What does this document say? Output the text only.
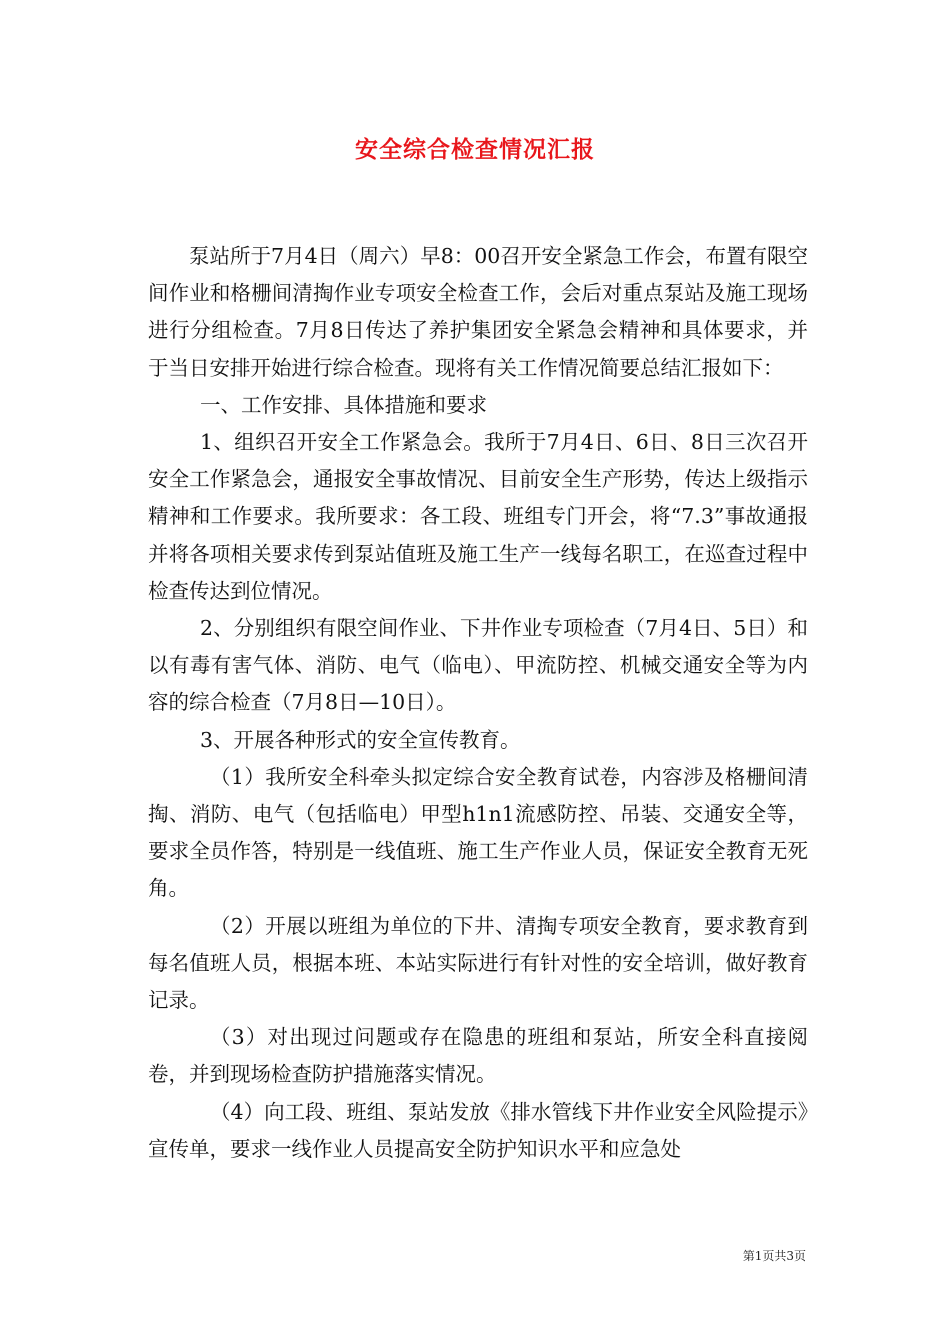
安全综合检查情况汇报

泵站所于7月4日（周六）早8：00召开安全紧急工作会，布置有限空间作业和格栅间清掏作业专项安全检查工作，会后对重点泵站及施工现场进行分组检查。7月8日传达了养护集团安全紧急会精神和具体要求，并于当日安排开始进行综合检查。现将有关工作情况简要总结汇报如下：

一、工作安排、具体措施和要求

1、组织召开安全工作紧急会。我所于7月4日、6日、8日三次召开安全工作紧急会，通报安全事故情况、目前安全生产形势，传达上级指示精神和工作要求。我所要求：各工段、班组专门开会，将“7.3”事故通报并将各项相关要求传到泵站值班及施工生产一线每名职工，在巡查过程中检查传达到位情况。

2、分别组织有限空间作业、下井作业专项检查（7月4日、5日）和以有毒有害气体、消防、电气（临电）、甲流防控、机械交通安全等为内容的综合检查（7月8日—10日）。

3、开展各种形式的安全宣传教育。

（1）我所安全科牵头拟定综合安全教育试卷，内容涉及格栅间清掏、消防、电气（包括临电）甲型h1n1流感防控、吊装、交通安全等，要求全员作答，特别是一线值班、施工生产作业人员，保证安全教育无死角。

（2）开展以班组为单位的下井、清掏专项安全教育，要求教育到每名值班人员，根据本班、本站实际进行有针对性的安全培训，做好教育记录。

（3）对出现过问题或存在隐患的班组和泵站，所安全科直接阅卷，并到现场检查防护措施落实情况。

（4）向工段、班组、泵站发放《排水管线下井作业安全风险提示》宣传单，要求一线作业人员提高安全防护知识水平和应急处

第1页共3页
